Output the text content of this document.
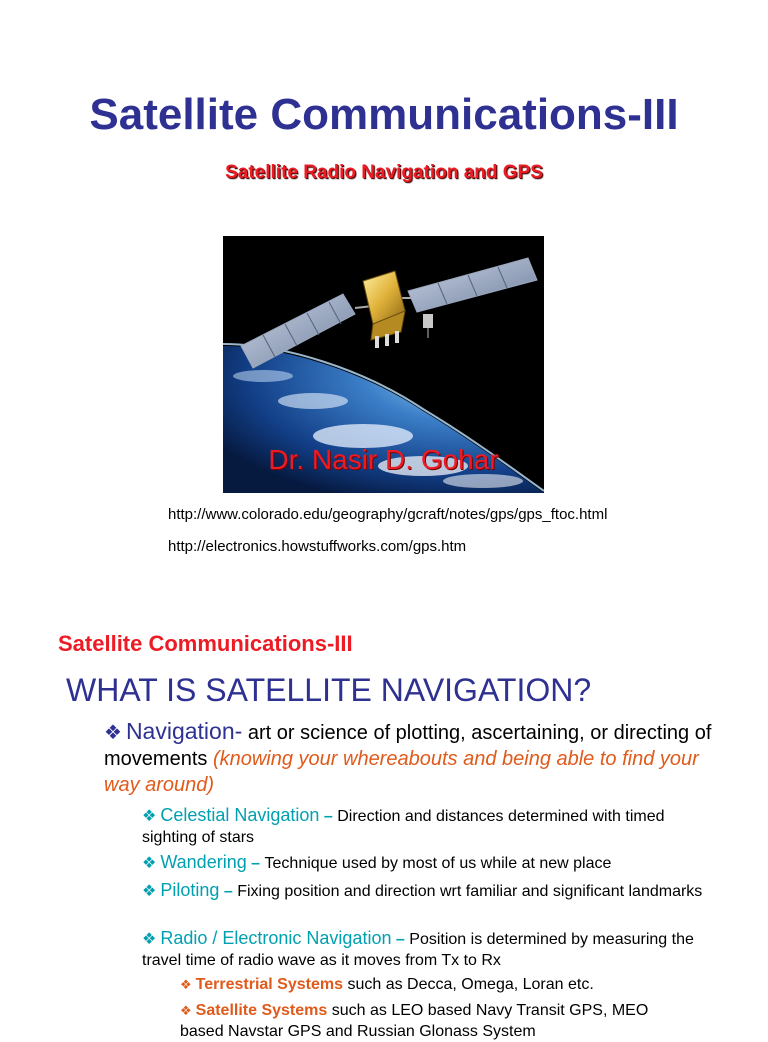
Satellite Communications-III
Satellite Radio Navigation and GPS
Dr. Nasir D. Gohar
http://www.colorado.edu/geography/gcraft/notes/gps/gps_ftoc.html
http://electronics.howstuffworks.com/gps.htm
Satellite Communications-III
WHAT IS SATELLITE NAVIGATION?
❖ Navigation- art or science of plotting, ascertaining, or directing of movements (knowing your whereabouts and being able to find your way around)
❖ Celestial Navigation – Direction and distances determined with timed sighting of stars
❖ Wandering – Technique used by most of us while at new place
❖ Piloting – Fixing position and direction wrt familiar and significant landmarks
❖ Radio / Electronic Navigation – Position is determined by measuring the travel time of radio wave as it moves from Tx to Rx
❖ Terrestrial Systems such as Decca, Omega, Loran etc.
❖ Satellite Systems such as LEO based Navy Transit GPS, MEO
based Navstar GPS and Russian Glonass System
